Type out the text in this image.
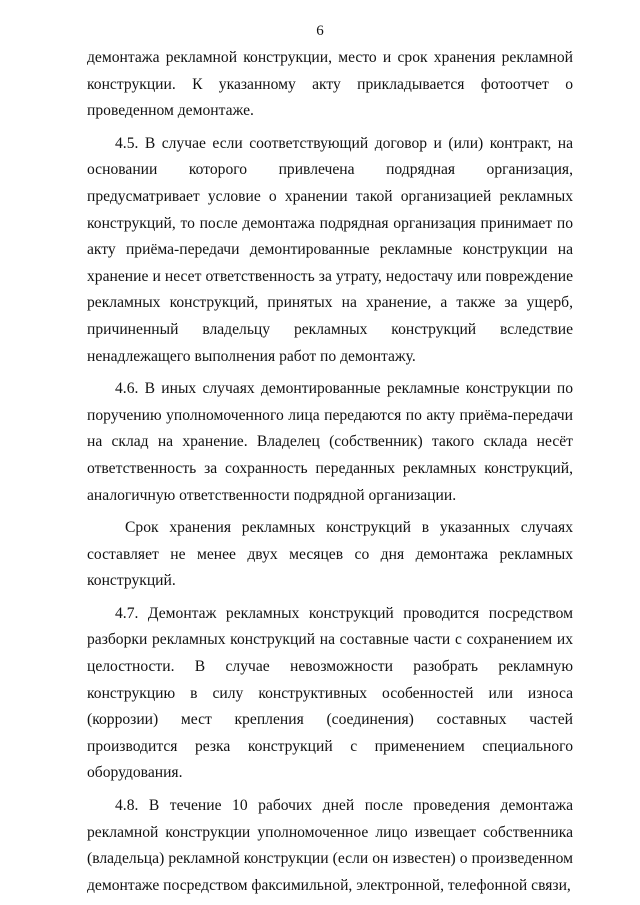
6

демонтажа рекламной конструкции, место и срок хранения рекламной конструкции. К указанному акту прикладывается фотоотчет о проведенном демонтаже.

4.5. В случае если соответствующий договор и (или) контракт, на основании которого привлечена подрядная организация, предусматривает условие о хранении такой организацией рекламных конструкций, то после демонтажа подрядная организация принимает по акту приёма-передачи демонтированные рекламные конструкции на хранение и несет ответственность за утрату, недостачу или повреждение рекламных конструкций, принятых на хранение, а также за ущерб, причиненный владельцу рекламных конструкций вследствие ненадлежащего выполнения работ по демонтажу.

4.6. В иных случаях демонтированные рекламные конструкции по поручению уполномоченного лица передаются по акту приёма-передачи на склад на хранение. Владелец (собственник) такого склада несёт ответственность за сохранность переданных рекламных конструкций, аналогичную ответственности подрядной организации.

Срок хранения рекламных конструкций в указанных случаях составляет не менее двух месяцев со дня демонтажа рекламных конструкций.

4.7. Демонтаж рекламных конструкций проводится посредством разборки рекламных конструкций на составные части с сохранением их целостности. В случае невозможности разобрать рекламную конструкцию в силу конструктивных особенностей или износа (коррозии) мест крепления (соединения) составных частей производится резка конструкций с применением специального оборудования.

4.8. В течение 10 рабочих дней после проведения демонтажа рекламной конструкции уполномоченное лицо извещает собственника (владельца) рекламной конструкции (если он известен) о произведенном демонтаже посредством факсимильной, электронной, телефонной связи,
